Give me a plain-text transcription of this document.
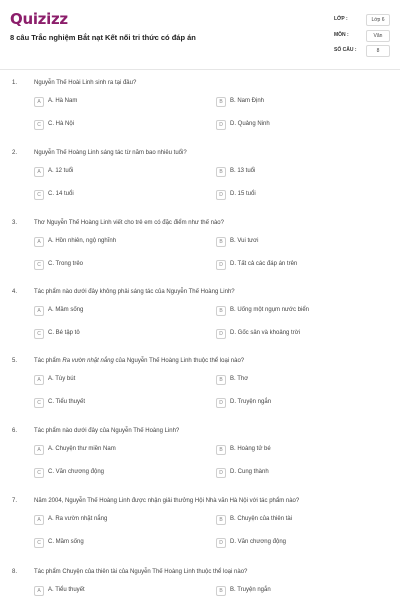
Quizizz
8 câu Trắc nghiệm Bắt nạt Kết nối tri thức có đáp án
LỚP :	Lớp 6
MÔN :	Văn
SỐ CÂU :	8
1.	Nguyễn Thế Hoài Linh sinh ra tại đâu?
A	A. Hà Nam	B	B. Nam Định
C	C. Hà Nội	D	D. Quảng Ninh
2.	Nguyễn Thế Hoàng Linh sáng tác từ năm bao nhiêu tuổi?
A	A. 12 tuổi	B	B. 13 tuổi
C	C. 14 tuổi	D	D. 15 tuổi
3.	Thơ Nguyễn Thế Hoàng Linh viết cho trẻ em có đặc điểm như thế nào?
A	A. Hồn nhiên, ngộ nghĩnh	B	B. Vui tươi
C	C. Trong trẻo	D	D. Tất cả các đáp án trên
4.	Tác phẩm nào dưới đây không phải sáng tác của Nguyễn Thế Hoàng Linh?
A	A. Mầm sống	B	B. Uống một ngụm nước biển
C	C. Bé tập tô	D	D. Gốc sân và khoảng trời
5.	Tác phẩm Ra vườn nhặt nắng của Nguyễn Thế Hoàng Linh thuộc thể loại nào?
A	A. Tùy bút	B	B. Thơ
C	C. Tiểu thuyết	D	D. Truyện ngắn
6.	Tác phẩm nào dưới đây của Nguyễn Thế Hoàng Linh?
A	A. Chuyện thư miền Nam	B	B. Hoàng tử bé
C	C. Văn chương động	D	D. Cung thành
7.	Năm 2004, Nguyễn Thế Hoàng Linh được nhận giải thưởng Hội Nhà văn Hà Nội với tác phẩm nào?
A	A. Ra vườn nhặt nắng	B	B. Chuyện của thiên tài
C	C. Mầm sống	D	D. Văn chương động
8.	Tác phẩm Chuyện của thiên tài của Nguyễn Thế Hoàng Linh thuộc thể loại nào?
A	A. Tiểu thuyết	B	B. Truyện ngắn
